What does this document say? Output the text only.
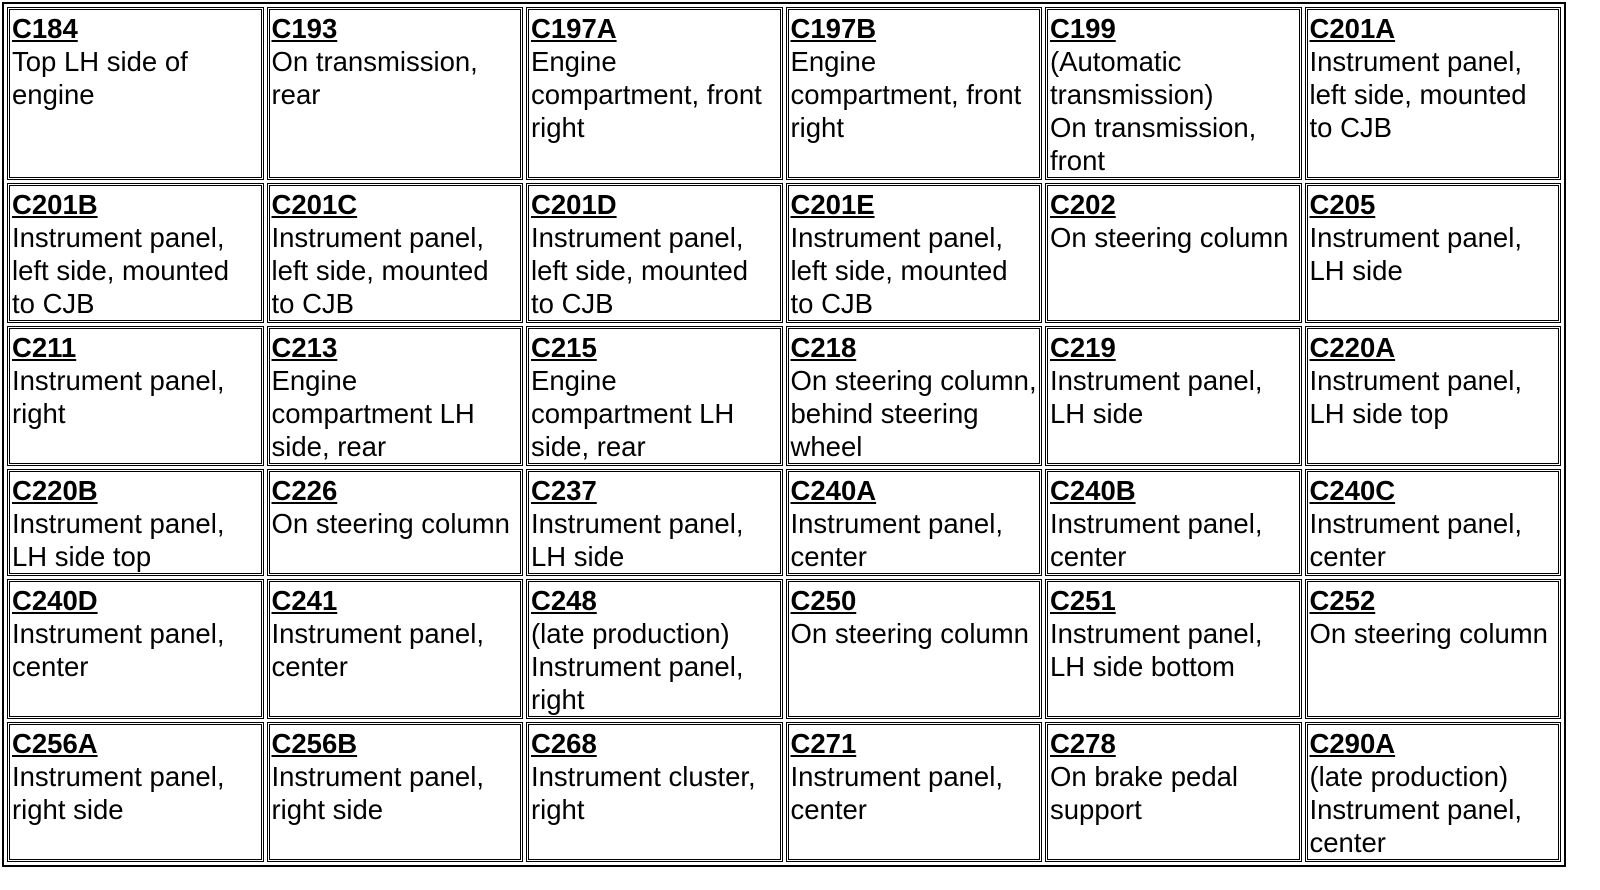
C184
Top LH side of engine	C193
On transmission, rear	C197A
Engine compartment, front right	C197B
Engine compartment, front right	C199
(Automatic transmission)
On transmission, front	C201A
Instrument panel, left side, mounted to CJB

C201B
Instrument panel, left side, mounted to CJB	C201C
Instrument panel, left side, mounted to CJB	C201D
Instrument panel, left side, mounted to CJB	C201E
Instrument panel, left side, mounted to CJB	C202
On steering column	C205
Instrument panel, LH side

C211
Instrument panel, right	C213
Engine compartment LH side, rear	C215
Engine compartment LH side, rear	C218
On steering column, behind steering wheel	C219
Instrument panel, LH side	C220A
Instrument panel, LH side top

C220B
Instrument panel, LH side top	C226
On steering column	C237
Instrument panel, LH side	C240A
Instrument panel, center	C240B
Instrument panel, center	C240C
Instrument panel, center

C240D
Instrument panel, center	C241
Instrument panel, center	C248
(late production)
Instrument panel, right	C250
On steering column	C251
Instrument panel, LH side bottom	C252
On steering column

C256A
Instrument panel, right side	C256B
Instrument panel, right side	C268
Instrument cluster, right	C271
Instrument panel, center	C278
On brake pedal support	C290A
(late production)
Instrument panel, center
